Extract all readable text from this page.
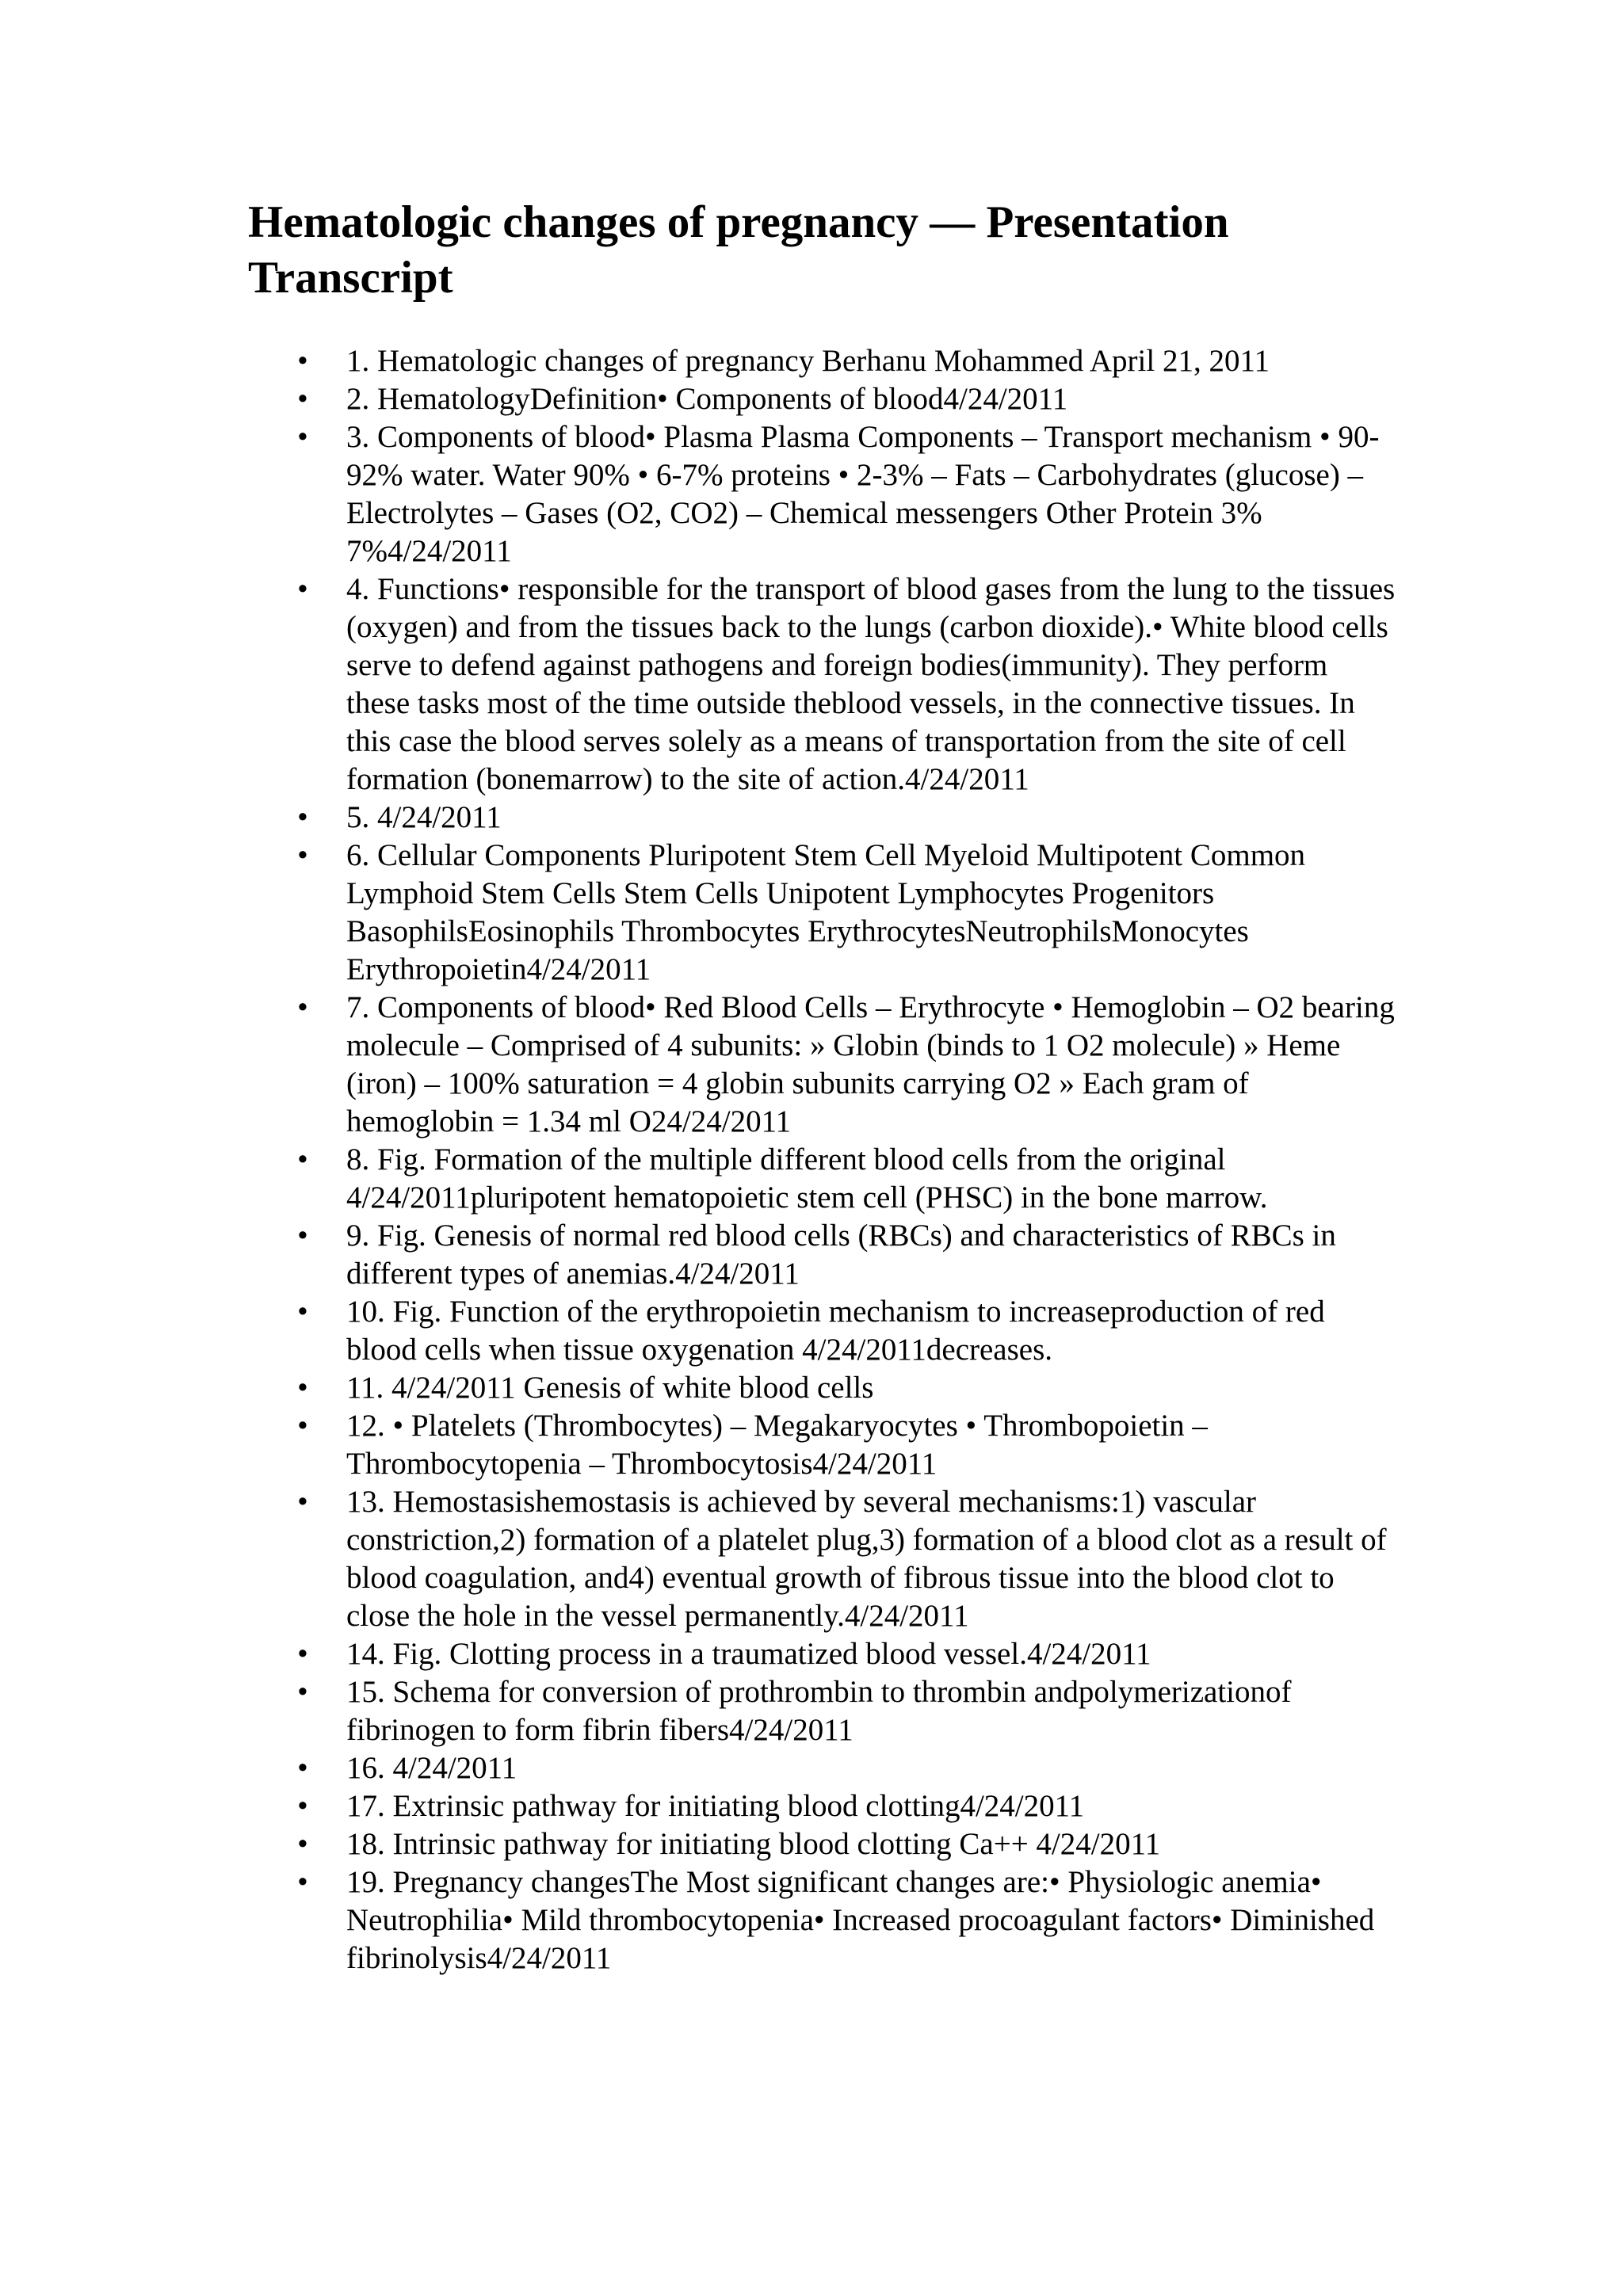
Hematologic changes of pregnancy — Presentation Transcript
• 1. Hematologic changes of pregnancy Berhanu Mohammed April 21, 2011
• 2. HematologyDefinition• Components of blood4/24/2011
• 3. Components of blood• Plasma Plasma Components – Transport mechanism • 90-92% water. Water 90% • 6-7% proteins • 2-3% – Fats – Carbohydrates (glucose) – Electrolytes – Gases (O2, CO2) – Chemical messengers Other Protein 3% 7%4/24/2011
• 4. Functions• responsible for the transport of blood gases from the lung to the tissues (oxygen) and from the tissues back to the lungs (carbon dioxide).• White blood cells serve to defend against pathogens and foreign bodies(immunity). They perform these tasks most of the time outside theblood vessels, in the connective tissues. In this case the blood serves solely as a means of transportation from the site of cell formation (bonemarrow) to the site of action.4/24/2011
• 5. 4/24/2011
• 6. Cellular Components Pluripotent Stem Cell Myeloid Multipotent Common Lymphoid Stem Cells Stem Cells Unipotent Lymphocytes Progenitors BasophilsEosinophils Thrombocytes ErythrocytesNeutrophilsMonocytes Erythropoietin4/24/2011
• 7. Components of blood• Red Blood Cells – Erythrocyte • Hemoglobin – O2 bearing molecule – Comprised of 4 subunits: » Globin (binds to 1 O2 molecule) » Heme (iron) – 100% saturation = 4 globin subunits carrying O2 » Each gram of hemoglobin = 1.34 ml O24/24/2011
• 8. Fig. Formation of the multiple different blood cells from the original 4/24/2011pluripotent hematopoietic stem cell (PHSC) in the bone marrow.
• 9. Fig. Genesis of normal red blood cells (RBCs) and characteristics of RBCs in different types of anemias.4/24/2011
• 10. Fig. Function of the erythropoietin mechanism to increaseproduction of red blood cells when tissue oxygenation 4/24/2011decreases.
• 11. 4/24/2011 Genesis of white blood cells
• 12. • Platelets (Thrombocytes) – Megakaryocytes • Thrombopoietin – Thrombocytopenia – Thrombocytosis4/24/2011
• 13. Hemostasishemostasis is achieved by several mechanisms:1) vascular constriction,2) formation of a platelet plug,3) formation of a blood clot as a result of blood coagulation, and4) eventual growth of fibrous tissue into the blood clot to close the hole in the vessel permanently.4/24/2011
• 14. Fig. Clotting process in a traumatized blood vessel.4/24/2011
• 15. Schema for conversion of prothrombin to thrombin andpolymerizationof fibrinogen to form fibrin fibers4/24/2011
• 16. 4/24/2011
• 17. Extrinsic pathway for initiating blood clotting4/24/2011
• 18. Intrinsic pathway for initiating blood clotting Ca++ 4/24/2011
• 19. Pregnancy changesThe Most significant changes are:• Physiologic anemia• Neutrophilia• Mild thrombocytopenia• Increased procoagulant factors• Diminished fibrinolysis4/24/2011
